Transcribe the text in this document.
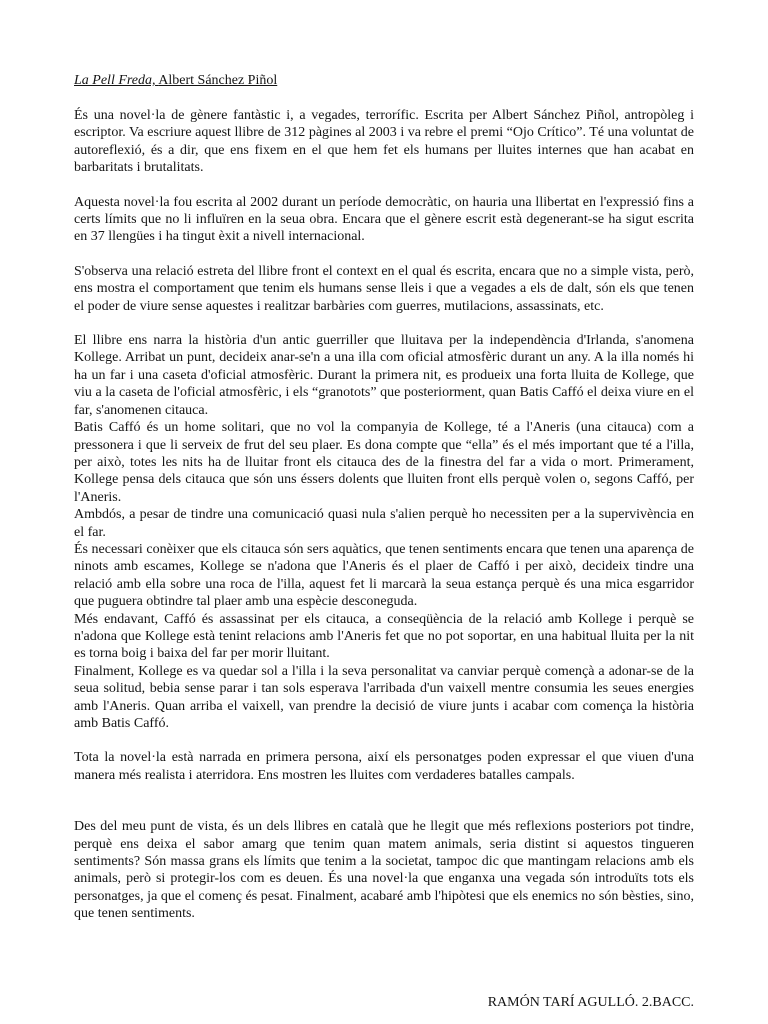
La Pell Freda, Albert Sánchez Piñol

És una novel·la de gènere fantàstic i, a vegades, terrorífic. Escrita per Albert Sánchez Piñol, antropòleg i escriptor. Va escriure aquest llibre de 312 pàgines al 2003 i va rebre el premi “Ojo Crítico”. Té una voluntat de autoreflexió, és a dir, que ens fixem en el que hem fet els humans per lluites internes que han acabat en barbaritats i brutalitats.

Aquesta novel·la fou escrita al 2002 durant un període democràtic, on hauria una llibertat en l'expressió fins a certs límits que no li influïren en la seua obra. Encara que el gènere escrit està degenerant-se ha sigut escrita en 37 llengües i ha tingut èxit a nivell internacional.

S'observa una relació estreta del llibre front el context en el qual és escrita, encara que no a simple vista, però, ens mostra el comportament que tenim els humans sense lleis i que a vegades a els de dalt, són els que tenen el poder de viure sense aquestes i realitzar barbàries com guerres, mutilacions, assassinats, etc.

El llibre ens narra la història d'un antic guerriller que lluitava per la independència d'Irlanda, s'anomena Kollege. Arribat un punt, decideix anar-se'n a una illa com oficial atmosfèric durant un any. A la illa només hi ha un far i una caseta d'oficial atmosfèric. Durant la primera nit, es produeix una forta lluita de Kollege, que viu a la caseta de l'oficial atmosfèric, i els “granotots” que posteriorment, quan Batis Caffó el deixa viure en el far, s'anomenen citauca.

Batis Caffó és un home solitari, que no vol la companyia de Kollege, té a l'Aneris (una citauca) com a pressonera i que li serveix de frut del seu plaer. Es dona compte que “ella” és el més important que té a l'illa, per això, totes les nits ha de lluitar front els citauca des de la finestra del far a vida o mort. Primerament, Kollege pensa dels citauca que són uns éssers dolents que lluiten front ells perquè volen o, segons Caffó, per l'Aneris.

Ambdós, a pesar de tindre una comunicació quasi nula s'alien perquè ho necessiten per a la supervivència en el far.

És necessari conèixer que els citauca són sers aquàtics, que tenen sentiments encara que tenen una aparença de ninots amb escames, Kollege se n'adona que l'Aneris és el plaer de Caffó i per això, decideix tindre una relació amb ella sobre una roca de l'illa, aquest fet li marcarà la seua estança perquè és una mica esgarridor que puguera obtindre tal plaer amb una espècie desconeguda.

Més endavant, Caffó és assassinat per els citauca, a conseqüència de la relació amb Kollege i perquè se n'adona que Kollege està tenint relacions amb l'Aneris fet que no pot soportar, en una habitual lluita per la nit es torna boig i baixa del far per morir lluitant.

Finalment, Kollege es va quedar sol a l'illa i la seva personalitat va canviar perquè començà a adonar-se de la seua solitud, bebia sense parar i tan sols esperava l'arribada d'un vaixell mentre consumia les seues energies amb l'Aneris. Quan arriba el vaixell, van prendre la decisió de viure junts i acabar com comença la història amb Batis Caffó.

Tota la novel·la està narrada en primera persona, així els personatges poden expressar el que viuen d'una manera més realista i aterridora. Ens mostren les lluites com verdaderes batalles campals.

Des del meu punt de vista, és un dels llibres en català que he llegit que més reflexions posteriors pot tindre, perquè ens deixa el sabor amarg que tenim quan matem animals, seria distint si aquestos tingueren sentiments? Són massa grans els límits que tenim a la societat, tampoc dic que mantingam relacions amb els animals, però si protegir-los com es deuen. És una novel·la que enganxa una vegada són introduïts tots els personatges, ja que el començ és pesat. Finalment, acabaré amb l'hipòtesi que els enemics no són bèsties, sino, que tenen sentiments.

RAMÓN TARÍ AGULLÓ. 2.BACC.
